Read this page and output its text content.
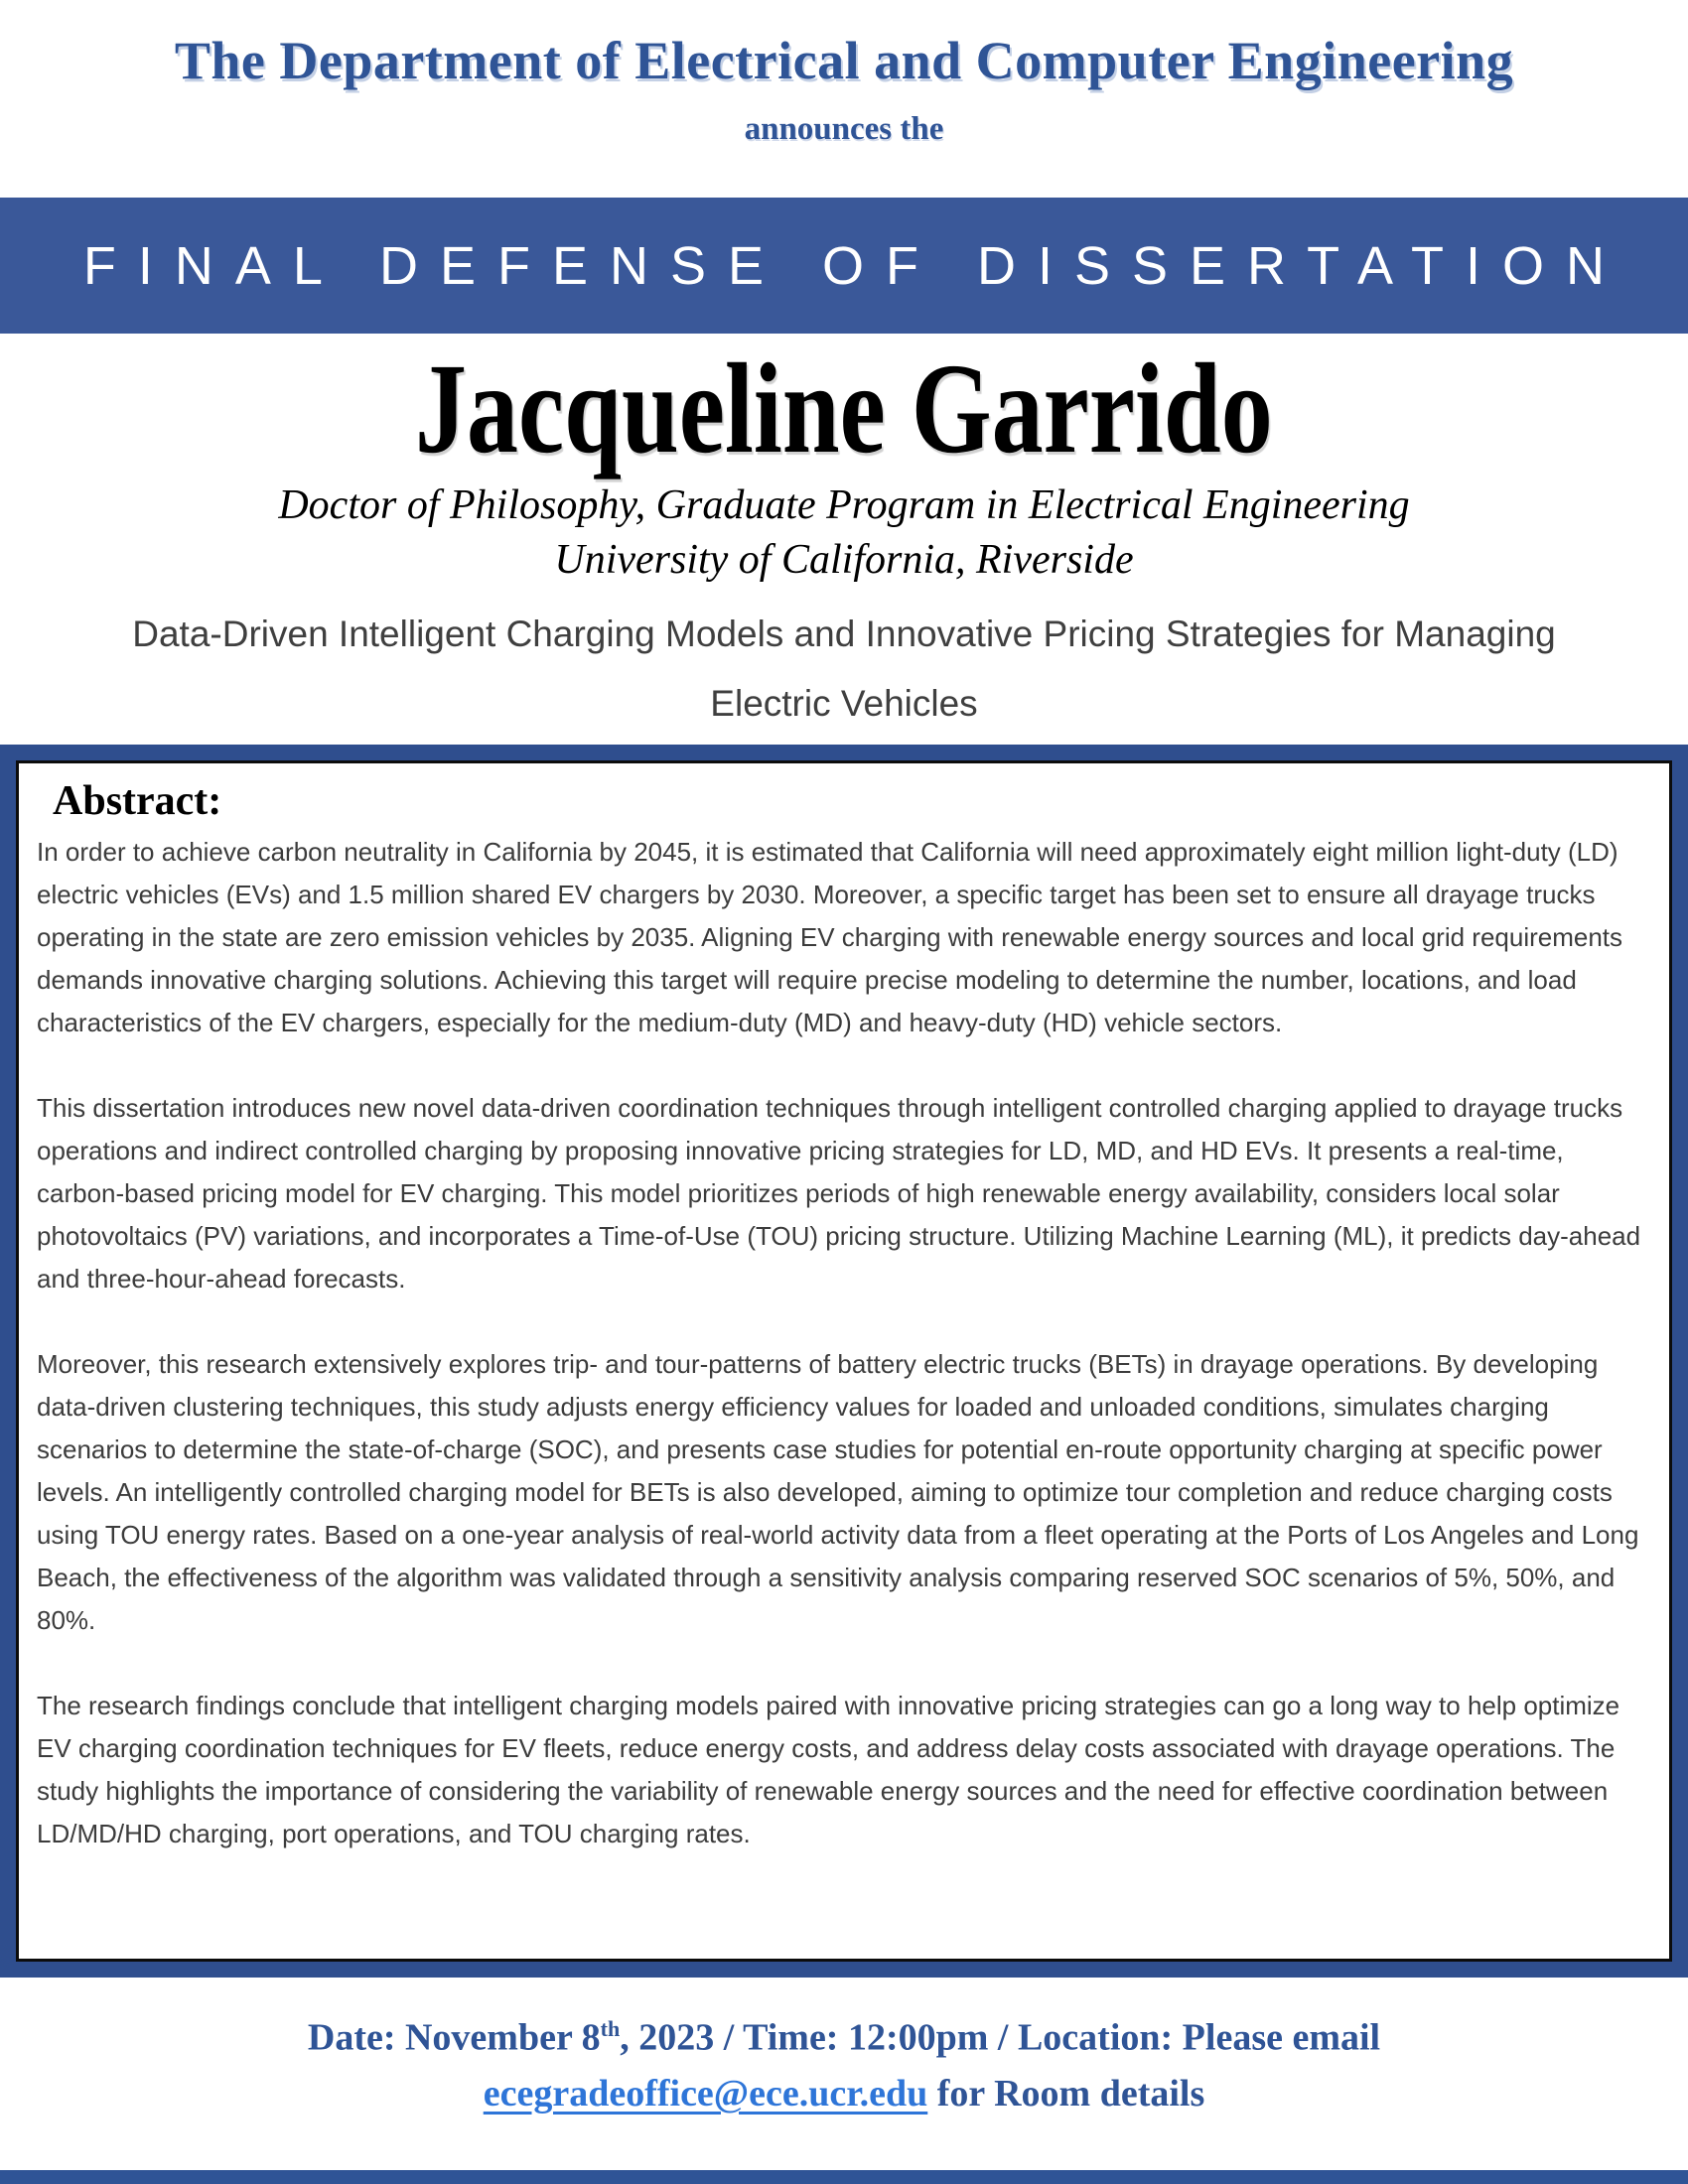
The Department of Electrical and Computer Engineering
announces the
FINAL DEFENSE OF DISSERTATION
Jacqueline Garrido
Doctor of Philosophy, Graduate Program in Electrical Engineering
University of California, Riverside
Data-Driven Intelligent Charging Models and Innovative Pricing Strategies for Managing
Electric Vehicles
Abstract:

In order to achieve carbon neutrality in California by 2045, it is estimated that California will need approximately eight million light-duty (LD) electric vehicles (EVs) and 1.5 million shared EV chargers by 2030. Moreover, a specific target has been set to ensure all drayage trucks operating in the state are zero emission vehicles by 2035. Aligning EV charging with renewable energy sources and local grid requirements demands innovative charging solutions. Achieving this target will require precise modeling to determine the number, locations, and load characteristics of the EV chargers, especially for the medium-duty (MD) and heavy-duty (HD) vehicle sectors.

This dissertation introduces new novel data-driven coordination techniques through intelligent controlled charging applied to drayage trucks operations and indirect controlled charging by proposing innovative pricing strategies for LD, MD, and HD EVs. It presents a real-time, carbon-based pricing model for EV charging. This model prioritizes periods of high renewable energy availability, considers local solar photovoltaics (PV) variations, and incorporates a Time-of-Use (TOU) pricing structure. Utilizing Machine Learning (ML), it predicts day-ahead and three-hour-ahead forecasts.

Moreover, this research extensively explores trip- and tour-patterns of battery electric trucks (BETs) in drayage operations. By developing data-driven clustering techniques, this study adjusts energy efficiency values for loaded and unloaded conditions, simulates charging scenarios to determine the state-of-charge (SOC), and presents case studies for potential en-route opportunity charging at specific power levels. An intelligently controlled charging model for BETs is also developed, aiming to optimize tour completion and reduce charging costs using TOU energy rates. Based on a one-year analysis of real-world activity data from a fleet operating at the Ports of Los Angeles and Long Beach, the effectiveness of the algorithm was validated through a sensitivity analysis comparing reserved SOC scenarios of 5%, 50%, and 80%.

The research findings conclude that intelligent charging models paired with innovative pricing strategies can go a long way to help optimize EV charging coordination techniques for EV fleets, reduce energy costs, and address delay costs associated with drayage operations. The study highlights the importance of considering the variability of renewable energy sources and the need for effective coordination between LD/MD/HD charging, port operations, and TOU charging rates.

Date: November 8th, 2023 / Time: 12:00pm / Location: Please email
ecegradeoffice@ece.ucr.edu for Room details
